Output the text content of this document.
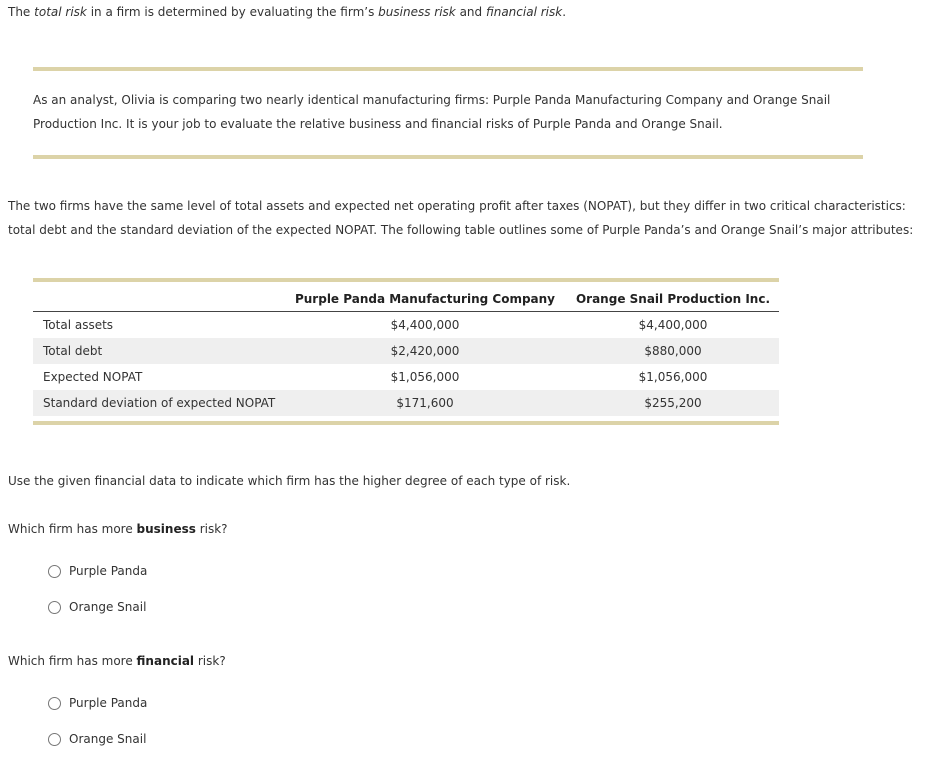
The total risk in a firm is determined by evaluating the firm’s business risk and financial risk.
As an analyst, Olivia is comparing two nearly identical manufacturing firms: Purple Panda Manufacturing Company and Orange Snail
Production Inc. It is your job to evaluate the relative business and financial risks of Purple Panda and Orange Snail.
The two firms have the same level of total assets and expected net operating profit after taxes (NOPAT), but they differ in two critical characteristics:
total debt and the standard deviation of the expected NOPAT. The following table outlines some of Purple Panda’s and Orange Snail’s major attributes:
	Purple Panda Manufacturing Company	Orange Snail Production Inc.
Total assets	$4,400,000	$4,400,000
Total debt	$2,420,000	$880,000
Expected NOPAT	$1,056,000	$1,056,000
Standard deviation of expected NOPAT	$171,600	$255,200
Use the given financial data to indicate which firm has the higher degree of each type of risk.
Which firm has more business risk?
Purple Panda
Orange Snail
Which firm has more financial risk?
Purple Panda
Orange Snail
